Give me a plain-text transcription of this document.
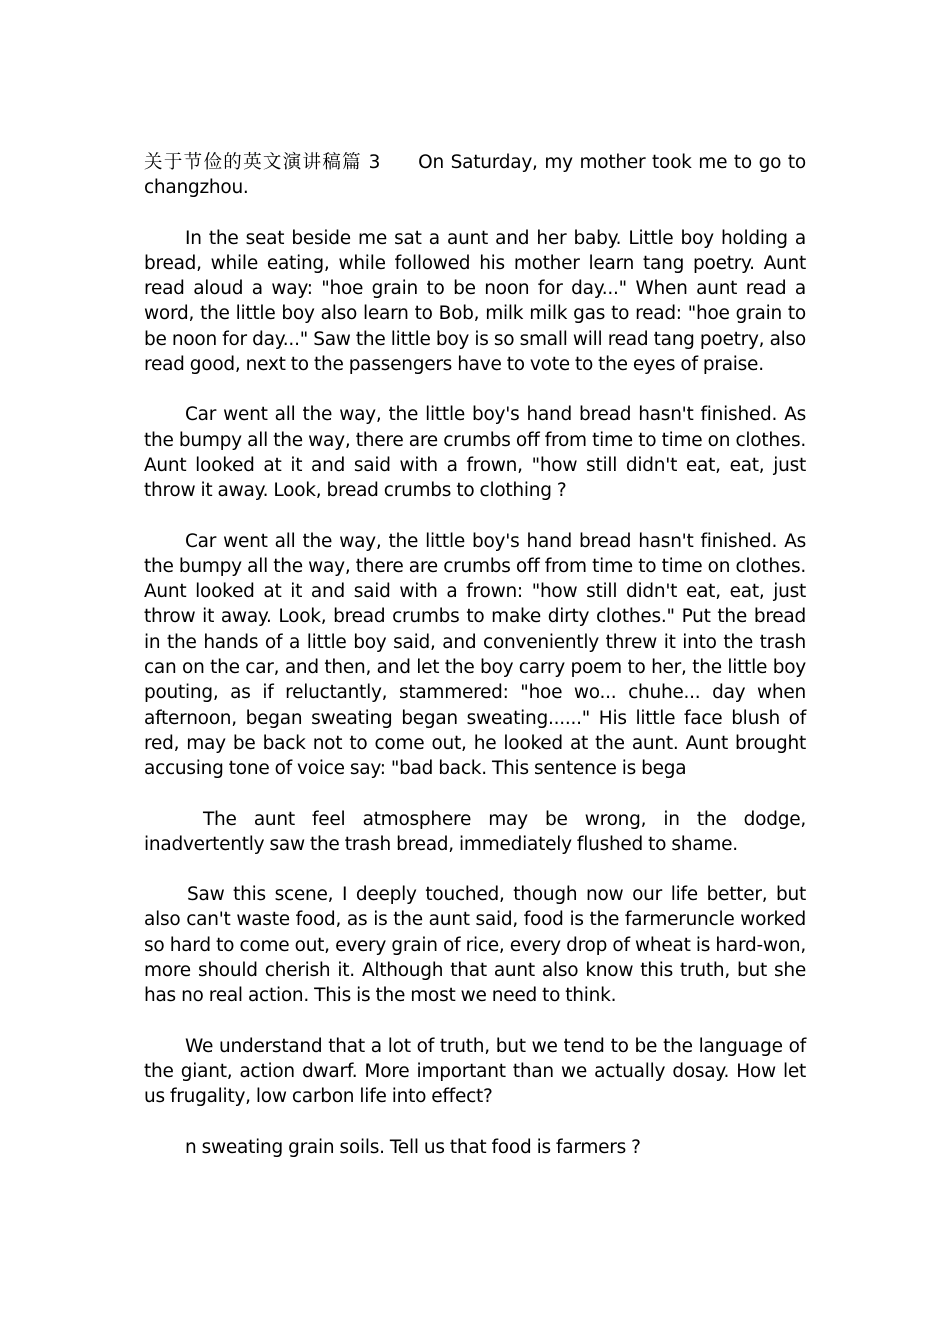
关于节俭的英文演讲稿篇 3 On Saturday, my mother took me to go to changzhou.

In the seat beside me sat a aunt and her baby. Little boy holding a bread, while eating, while followed his mother learn tang poetry. Aunt read aloud a way: "hoe grain to be noon for day..." When aunt read a word, the little boy also learn to Bob, milk milk gas to read: "hoe grain to be noon for day..." Saw the little boy is so small will read tang poetry, also read good, next to the passengers have to vote to the eyes of praise.

Car went all the way, the little boy's hand bread hasn't finished. As the bumpy all the way, there are crumbs off from time to time on clothes. Aunt looked at it and said with a frown, "how still didn't eat, eat, just throw it away. Look, bread crumbs to clothing ?

Car went all the way, the little boy's hand bread hasn't finished. As the bumpy all the way, there are crumbs off from time to time on clothes. Aunt looked at it and said with a frown: "how still didn't eat, eat, just throw it away. Look, bread crumbs to make dirty clothes." Put the bread in the hands of a little boy said, and conveniently threw it into the trash can on the car, and then, and let the boy carry poem to her, the little boy pouting, as if reluctantly, stammered: "hoe wo... chuhe... day when afternoon, began sweating began sweating......" His little face blush of red, may be back not to come out, he looked at the aunt. Aunt brought accusing tone of voice say: "bad back. This sentence is bega

The aunt feel atmosphere may be wrong, in the dodge, inadvertently saw the trash bread, immediately flushed to shame.

Saw this scene, I deeply touched, though now our life better, but also can't waste food, as is the aunt said, food is the farmeruncle worked so hard to come out, every grain of rice, every drop of wheat is hard-won, more should cherish it. Although that aunt also know this truth, but she has no real action. This is the most we need to think.

We understand that a lot of truth, but we tend to be the language of the giant, action dwarf. More important than we actually dosay. How let us frugality, low carbon life into effect?

n sweating grain soils. Tell us that food is farmers ?
